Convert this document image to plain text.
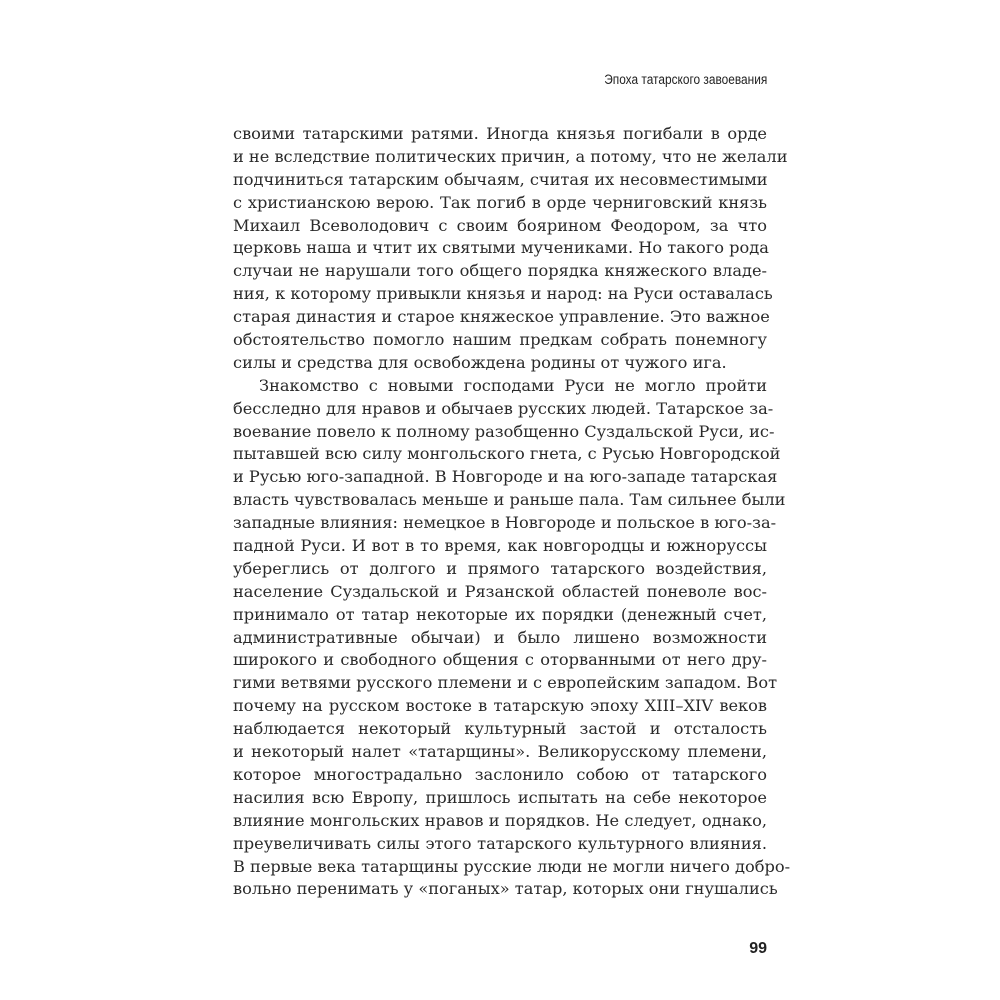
Эпоха татарского завоевания
своими татарскими ратями. Иногда князья погибали в орде
и не вследствие политических причин, а потому, что не желали
подчиниться татарским обычаям, считая их несовместимыми
с христианскою верою. Так погиб в орде черниговский князь
Михаил Всеволодович с своим боярином Феодором, за что
церковь наша и чтит их святыми мучениками. Но такого рода
случаи не нарушали того общего порядка княжеского владе-
ния, к которому привыкли князья и народ: на Руси оставалась
старая династия и старое княжеское управление. Это важное
обстоятельство помогло нашим предкам собрать понемногу
силы и средства для освобождена родины от чужого ига.
Знакомство с новыми господами Руси не могло пройти
бесследно для нравов и обычаев русских людей. Татарское за-
воевание повело к полному разобщенно Суздальской Руси, ис-
пытавшей всю силу монгольского гнета, с Русью Новгородской
и Русью юго-западной. В Новгороде и на юго-западе татарская
власть чувствовалась меньше и раньше пала. Там сильнее были
западные влияния: немецкое в Новгороде и польское в юго-за-
падной Руси. И вот в то время, как новгородцы и южноруссы
убереглись от долгого и прямого татарского воздействия,
население Суздальской и Рязанской областей поневоле вос-
принимало от татар некоторые их порядки (денежный счет,
административные обычаи) и было лишено возможности
широкого и свободного общения с оторванными от него дру-
гими ветвями русского племени и с европейским западом. Вот
почему на русском востоке в татарскую эпоху XIII–XIV веков
наблюдается некоторый культурный застой и отсталость
и некоторый налет «татарщины». Великорусскому племени,
которое многострадально заслонило собою от татарского
насилия всю Европу, пришлось испытать на себе некоторое
влияние монгольских нравов и порядков. Не следует, однако,
преувеличивать силы этого татарского культурного влияния.
В первые века татарщины русские люди не могли ничего добро-
вольно перенимать у «поганых» татар, которых они гнушались
99
